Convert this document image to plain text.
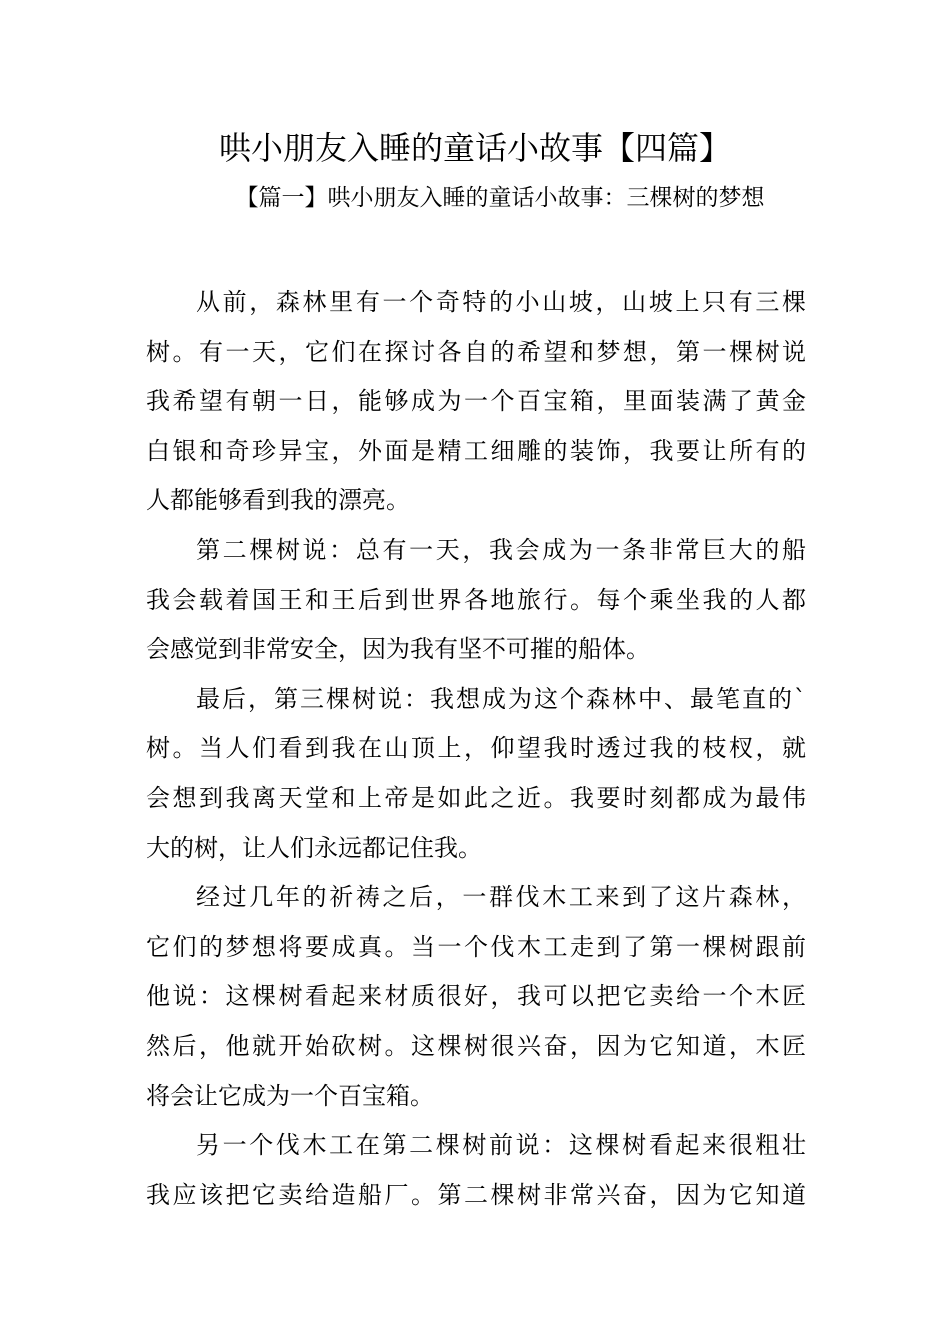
哄小朋友入睡的童话小故事【四篇】
【篇一】哄小朋友入睡的童话小故事：三棵树的梦想
从前，森林里有一个奇特的小山坡，山坡上只有三棵
树。有一天，它们在探讨各自的希望和梦想，第一棵树说
我希望有朝一日，能够成为一个百宝箱，里面装满了黄金
白银和奇珍异宝，外面是精工细雕的装饰，我要让所有的
人都能够看到我的漂亮。
第二棵树说：总有一天，我会成为一条非常巨大的船
我会载着国王和王后到世界各地旅行。每个乘坐我的人都
会感觉到非常安全，因为我有坚不可摧的船体。
最后，第三棵树说：我想成为这个森林中、最笔直的`
树。当人们看到我在山顶上，仰望我时透过我的枝杈，就
会想到我离天堂和上帝是如此之近。我要时刻都成为最伟
大的树，让人们永远都记住我。
经过几年的祈祷之后，一群伐木工来到了这片森林，
它们的梦想将要成真。当一个伐木工走到了第一棵树跟前
他说：这棵树看起来材质很好，我可以把它卖给一个木匠
然后，他就开始砍树。这棵树很兴奋，因为它知道，木匠
将会让它成为一个百宝箱。
另一个伐木工在第二棵树前说：这棵树看起来很粗壮
我应该把它卖给造船厂。第二棵树非常兴奋，因为它知道
